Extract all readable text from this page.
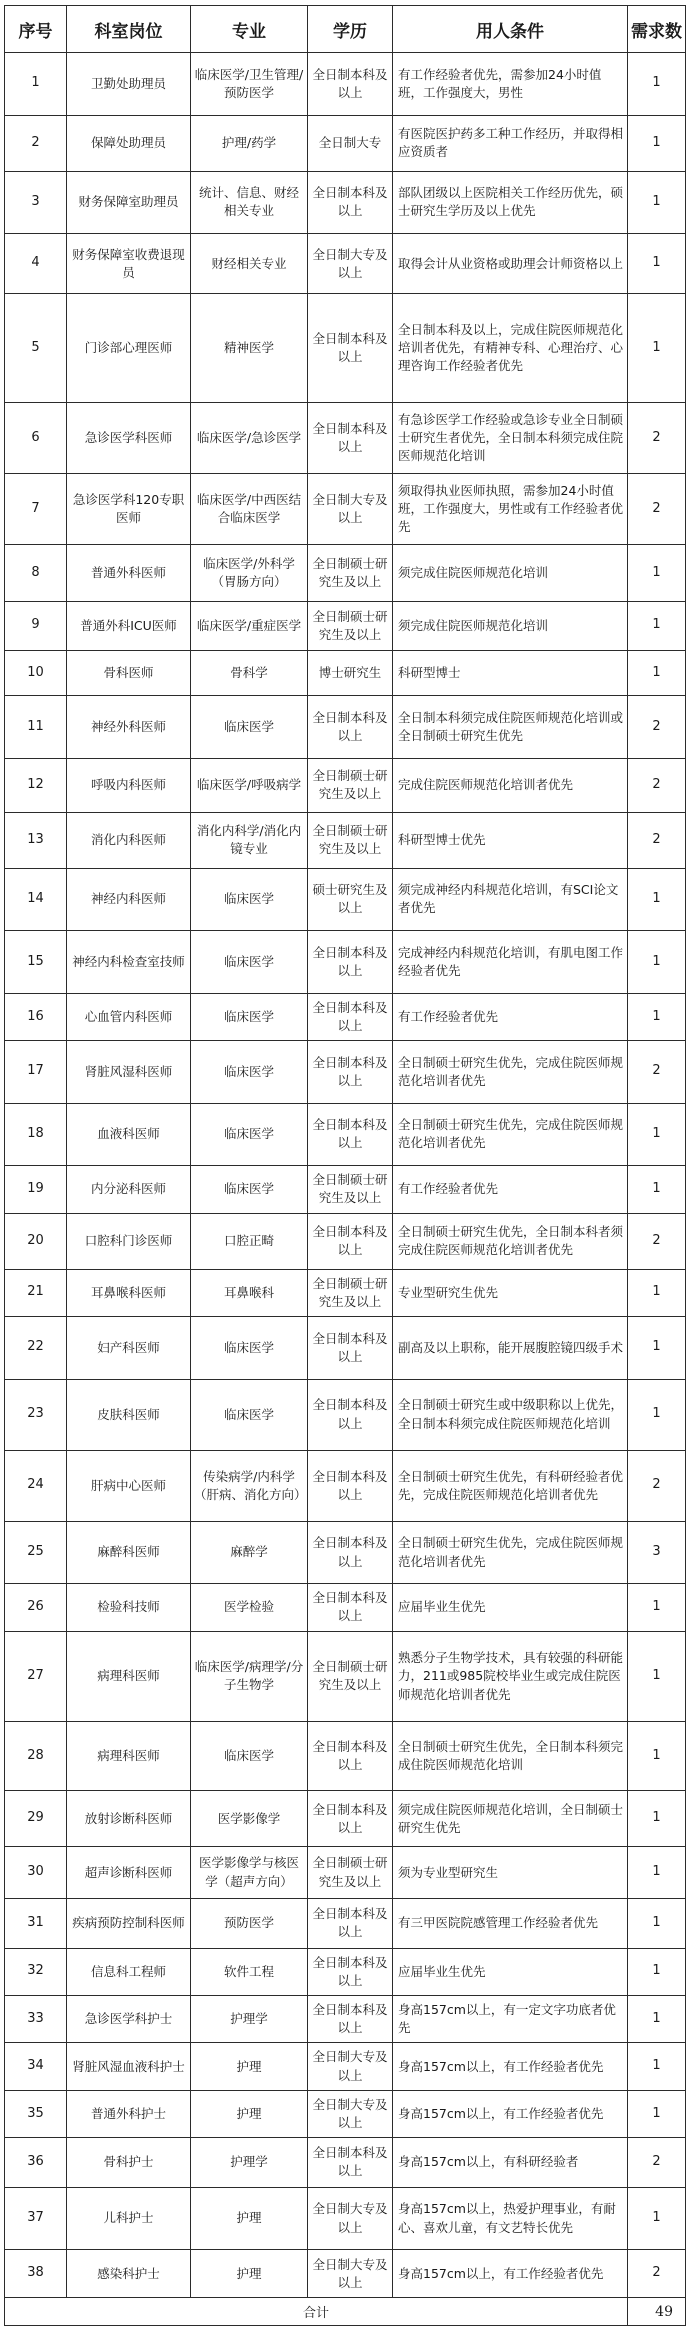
序号	科室岗位	专业	学历	用人条件	需求数
1	卫勤处助理员	临床医学/卫生管理/预防医学	全日制本科及以上	有工作经验者优先，需参加24小时值班，工作强度大，男性	1
2	保障处助理员	护理/药学	全日制大专	有医院医护药多工种工作经历，并取得相应资质者	1
3	财务保障室助理员	统计、信息、财经相关专业	全日制本科及以上	部队团级以上医院相关工作经历优先，硕士研究生学历及以上优先	1
4	财务保障室收费退现员	财经相关专业	全日制大专及以上	取得会计从业资格或助理会计师资格以上	1
5	门诊部心理医师	精神医学	全日制本科及以上	全日制本科及以上，完成住院医师规范化培训者优先，有精神专科、心理治疗、心理咨询工作经验者优先	1
6	急诊医学科医师	临床医学/急诊医学	全日制本科及以上	有急诊医学工作经验或急诊专业全日制硕士研究生者优先，全日制本科须完成住院医师规范化培训	2
7	急诊医学科120专职医师	临床医学/中西医结合临床医学	全日制大专及以上	须取得执业医师执照，需参加24小时值班，工作强度大，男性或有工作经验者优先	2
8	普通外科医师	临床医学/外科学（胃肠方向）	全日制硕士研究生及以上	须完成住院医师规范化培训	1
9	普通外科ICU医师	临床医学/重症医学	全日制硕士研究生及以上	须完成住院医师规范化培训	1
10	骨科医师	骨科学	博士研究生	科研型博士	1
11	神经外科医师	临床医学	全日制本科及以上	全日制本科须完成住院医师规范化培训或全日制硕士研究生优先	2
12	呼吸内科医师	临床医学/呼吸病学	全日制硕士研究生及以上	完成住院医师规范化培训者优先	2
13	消化内科医师	消化内科学/消化内镜专业	全日制硕士研究生及以上	科研型博士优先	2
14	神经内科医师	临床医学	硕士研究生及以上	须完成神经内科规范化培训，有SCI论文者优先	1
15	神经内科检查室技师	临床医学	全日制本科及以上	完成神经内科规范化培训，有肌电图工作经验者优先	1
16	心血管内科医师	临床医学	全日制本科及以上	有工作经验者优先	1
17	肾脏风湿科医师	临床医学	全日制本科及以上	全日制硕士研究生优先，完成住院医师规范化培训者优先	2
18	血液科医师	临床医学	全日制本科及以上	全日制硕士研究生优先，完成住院医师规范化培训者优先	1
19	内分泌科医师	临床医学	全日制硕士研究生及以上	有工作经验者优先	1
20	口腔科门诊医师	口腔正畸	全日制本科及以上	全日制硕士研究生优先，全日制本科者须完成住院医师规范化培训者优先	2
21	耳鼻喉科医师	耳鼻喉科	全日制硕士研究生及以上	专业型研究生优先	1
22	妇产科医师	临床医学	全日制本科及以上	副高及以上职称，能开展腹腔镜四级手术	1
23	皮肤科医师	临床医学	全日制本科及以上	全日制硕士研究生或中级职称以上优先，全日制本科须完成住院医师规范化培训	1
24	肝病中心医师	传染病学/内科学（肝病、消化方向）	全日制本科及以上	全日制硕士研究生优先，有科研经验者优先，完成住院医师规范化培训者优先	2
25	麻醉科医师	麻醉学	全日制本科及以上	全日制硕士研究生优先，完成住院医师规范化培训者优先	3
26	检验科技师	医学检验	全日制本科及以上	应届毕业生优先	1
27	病理科医师	临床医学/病理学/分子生物学	全日制硕士研究生及以上	熟悉分子生物学技术，具有较强的科研能力，211或985院校毕业生或完成住院医师规范化培训者优先	1
28	病理科医师	临床医学	全日制本科及以上	全日制硕士研究生优先，全日制本科须完成住院医师规范化培训	1
29	放射诊断科医师	医学影像学	全日制本科及以上	须完成住院医师规范化培训，全日制硕士研究生优先	1
30	超声诊断科医师	医学影像学与核医学（超声方向）	全日制硕士研究生及以上	须为专业型研究生	1
31	疾病预防控制科医师	预防医学	全日制本科及以上	有三甲医院院感管理工作经验者优先	1
32	信息科工程师	软件工程	全日制本科及以上	应届毕业生优先	1
33	急诊医学科护士	护理学	全日制本科及以上	身高157cm以上，有一定文字功底者优先	1
34	肾脏风湿血液科护士	护理	全日制大专及以上	身高157cm以上，有工作经验者优先	1
35	普通外科护士	护理	全日制大专及以上	身高157cm以上，有工作经验者优先	1
36	骨科护士	护理学	全日制本科及以上	身高157cm以上，有科研经验者	2
37	儿科护士	护理	全日制大专及以上	身高157cm以上，热爱护理事业，有耐心、喜欢儿童，有文艺特长优先	1
38	感染科护士	护理	全日制大专及以上	身高157cm以上，有工作经验者优先	2
合计					49
